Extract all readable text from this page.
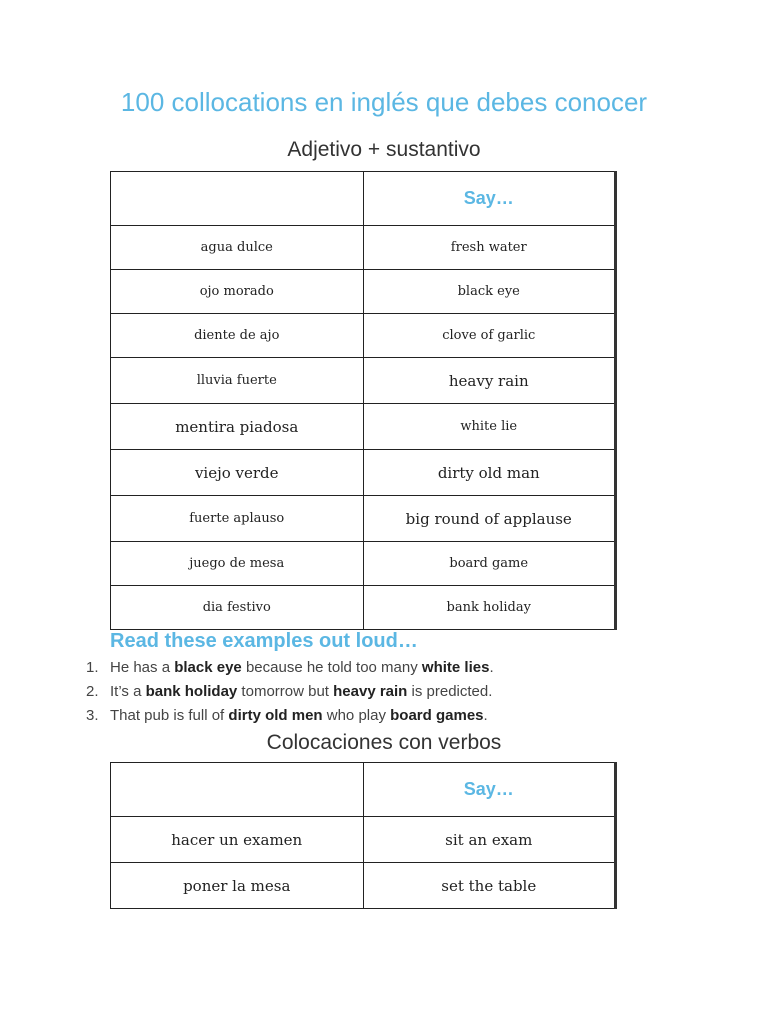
100 collocations en inglés que debes conocer
Adjetivo + sustantivo
	Say…
agua dulce	fresh water
ojo morado	black eye
diente de ajo	clove of garlic
lluvia fuerte	heavy rain
mentira piadosa	white lie
viejo verde	dirty old man
fuerte aplauso	big round of applause
juego de mesa	board game
dia festivo	bank holiday
Read these examples out loud…
1. He has a black eye because he told too many white lies.
2. It’s a bank holiday tomorrow but heavy rain is predicted.
3. That pub is full of dirty old men who play board games.
Colocaciones con verbos
	Say…
hacer un examen	sit an exam
poner la mesa	set the table
